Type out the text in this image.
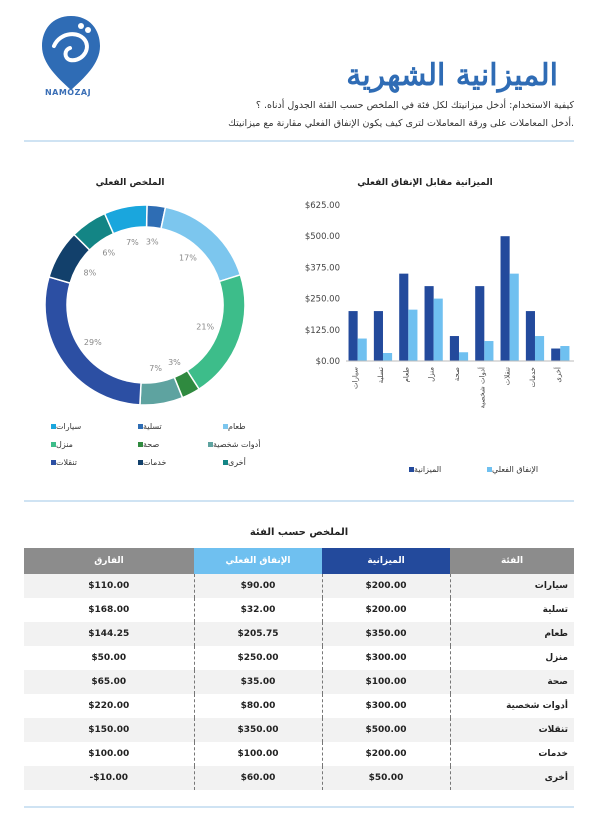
NAMOZAJ	الميزانية الشهرية
كيفية الاستخدام: أدخل ميزانيتك لكل فئة في الملخص حسب الفئة الجدول أدناه. ؟
.أدخل المعاملات على ورقة المعاملات لترى كيف يكون الإنفاق الفعلي مقارنة مع ميزانيتك
الملخص الفعلي
3%
17%
21%
3%
7%
29%
8%
6%
7%
سيارات	تسلية	طعام
منزل	صحة	أدوات شخصية
تنقلات	خدمات	أخرى
الميزانية مقابل الإنفاق الفعلي
$0.00
$125.00
$250.00
$375.00
$500.00
$625.00
سيارات تسلية طعام منزل صحة أدوات شخصية تنقلات خدمات أخرى
الإنفاق الفعلي
الميزانية
الملخص حسب الفئة
الفارق	الإنفاق الفعلي	الميزانية	الفئة
$110.00	$90.00	$200.00	سيارات
$168.00	$32.00	$200.00	تسلية
$144.25	$205.75	$350.00	طعام
$50.00	$250.00	$300.00	منزل
$65.00	$35.00	$100.00	صحة
$220.00	$80.00	$300.00	أدوات شخصية
$150.00	$350.00	$500.00	تنقلات
$100.00	$100.00	$200.00	خدمات
-$10.00	$60.00	$50.00	أخرى
